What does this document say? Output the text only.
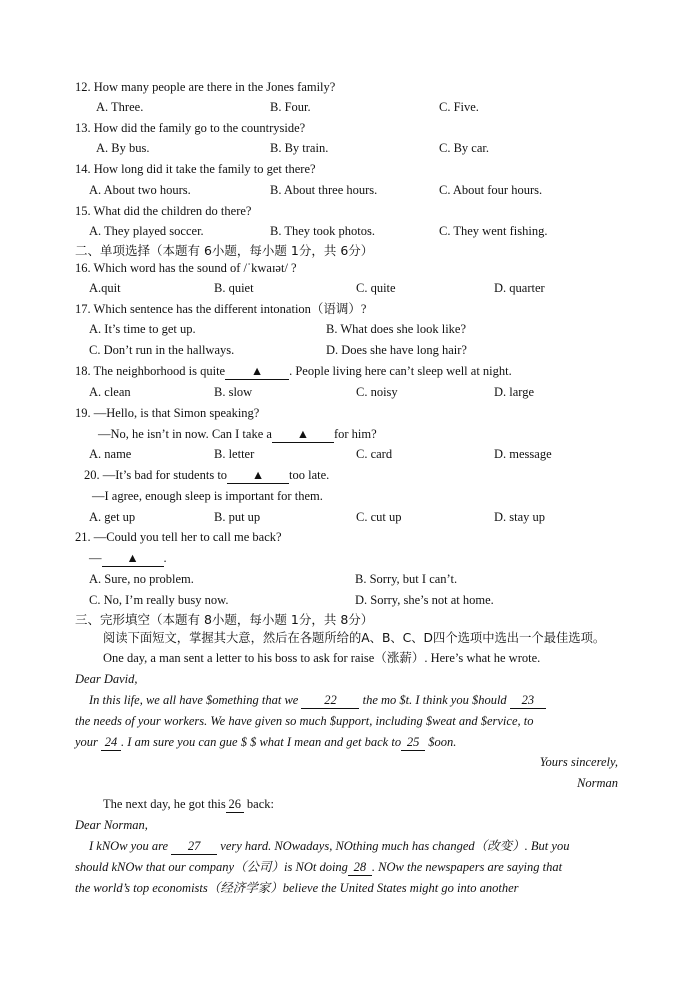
12. How many people are there in the Jones family?
A. Three.	B. Four.	C. Five.
13. How did the family go to the countryside?
A. By bus.	B. By train.	C. By car.
14. How long did it take the family to get there?
A. About two hours.	B. About three hours.	C. About four hours.
15. What did the children do there?
A. They played soccer.	B. They took photos.	C. They went fishing.
二、单项选择（本题有 6小题，每小题 1分，共 6分）
16. Which word has the sound of /ˈkwaɪət/ ?
A.quit	B. quiet	C. quite	D. quarter
17. Which sentence has the different intonation（语调）?
A. It’s time to get up.	B. What does she look like?
C. Don’t run in the hallways.	D. Does she have long hair?
18. The neighborhood is quite ▲ . People living here can’t sleep well at night.
A. clean	B. slow	C. noisy	D. large
19. —Hello, is that Simon speaking?
—No, he isn’t in now. Can I take a ▲ for him?
A. name	B. letter	C. card	D. message
20. —It’s bad for students to ▲ too late.
—I agree, enough sleep is important for them.
A. get up	B. put up	C. cut up	D. stay up
21. —Could you tell her to call me back?
— ▲ .
A. Sure, no problem.	B. Sorry, but I can’t.
C. No, I’m really busy now.	D. Sorry, she’s not at home.
三、完形填空（本题有 8小题，每小题 1分，共 8分）
阅读下面短文，掌握其大意，然后在各题所给的A、B、C、D四个选项中选出一个最佳选项。
One day, a man sent a letter to his boss to ask for raise（涨薪）. Here’s what he wrote.
Dear David,
In this life, we all have $omething that we 22 the mo $t. I think you $hould 23
the needs of your workers. We have given so much $upport, including $weat and $ervice, to
your 24 . I am sure you can gue $ $ what I mean and get back to 25 $oon.
Yours sincerely,
Norman
The next day, he got this 26 back:
Dear Norman,
I kNOw you are 27 very hard. NOwadays, NOthing much has changed（改变）. But you
should kNOw that our company（公司）is NOt doing 28 . NOw the newspapers are saying that
the world’s top economists（经济学家）believe the United States might go into another
